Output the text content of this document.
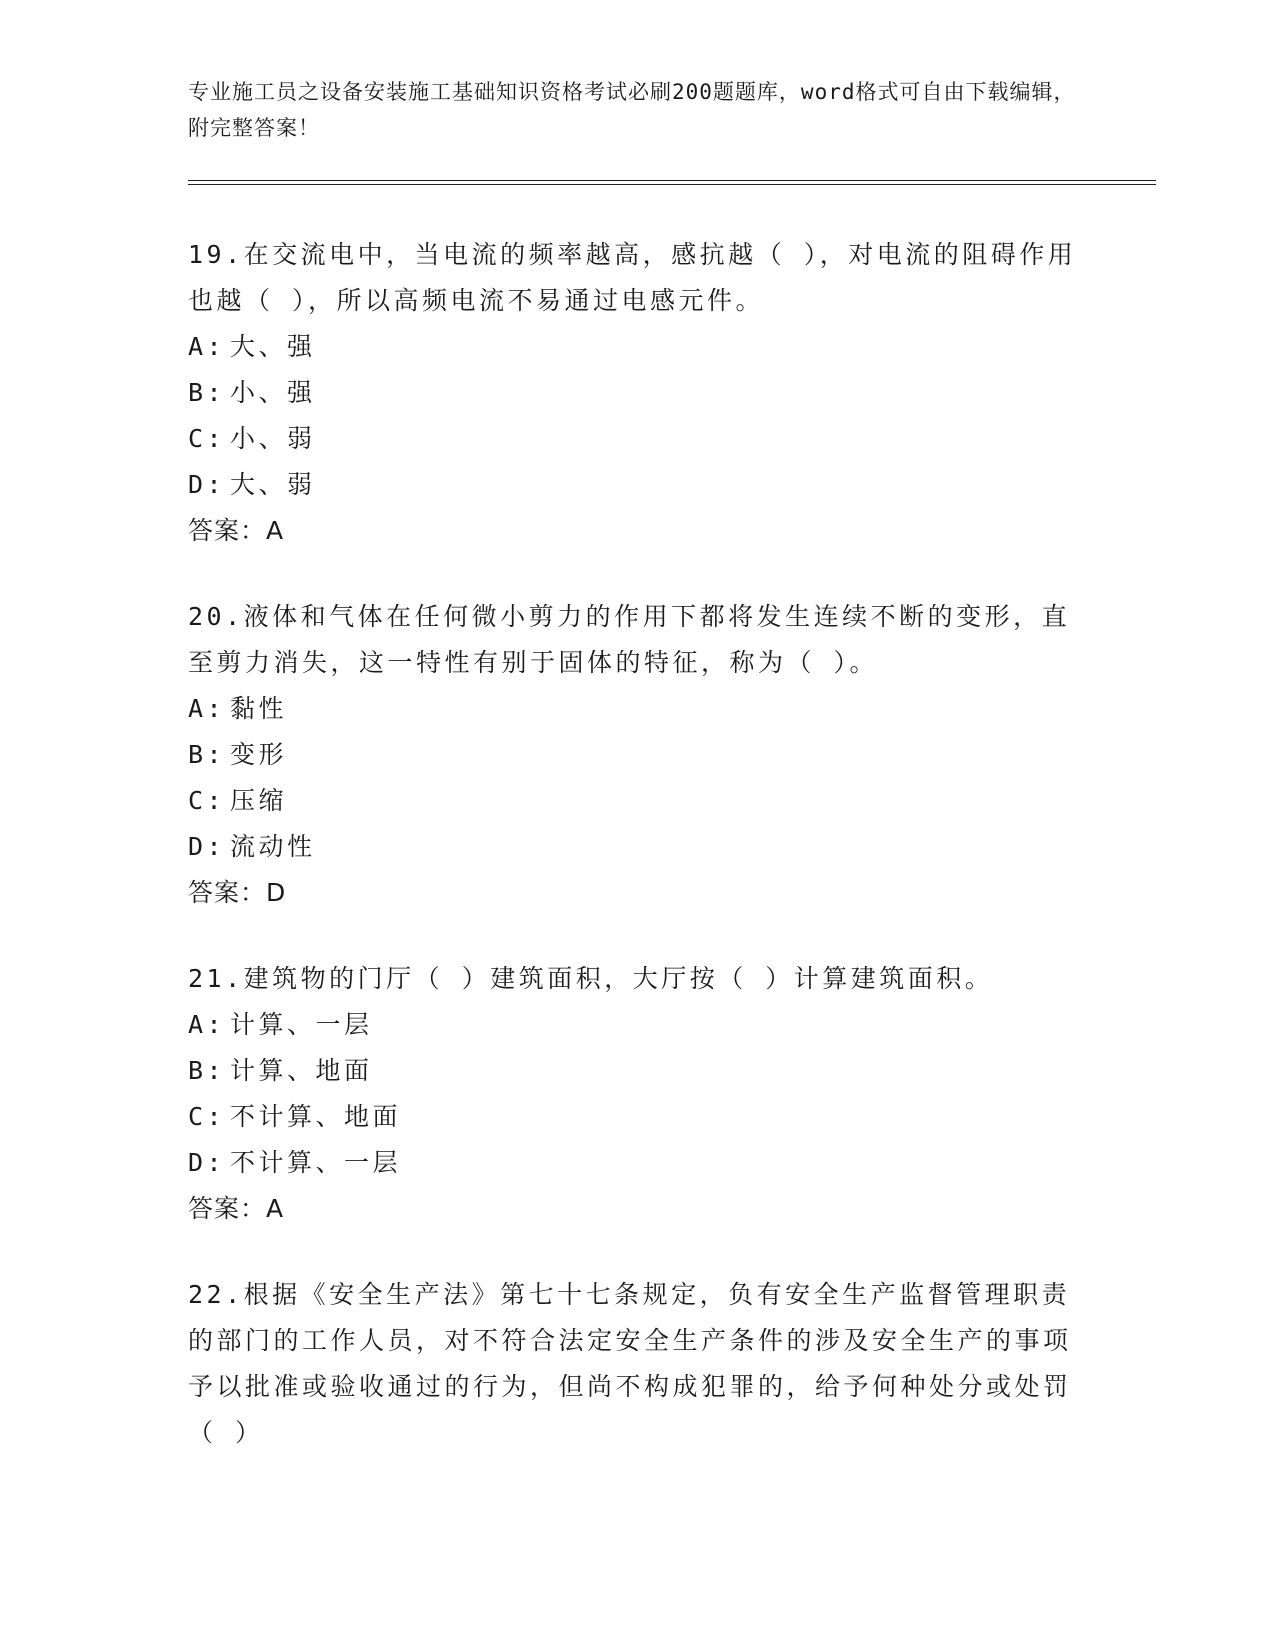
专业施工员之设备安装施工基础知识资格考试必刷200题题库，word格式可自由下载编辑，附完整答案！
19.在交流电中，当电流的频率越高，感抗越（ ），对电流的阻碍作用也越（ ），所以高频电流不易通过电感元件。
A: 大、强
B: 小、强
C: 小、弱
D: 大、弱
答案：A
20.液体和气体在任何微小剪力的作用下都将发生连续不断的变形，直至剪力消失，这一特性有别于固体的特征，称为（ ）。
A: 黏性
B: 变形
C: 压缩
D: 流动性
答案：D
21.建筑物的门厅（ ）建筑面积，大厅按（ ）计算建筑面积。
A: 计算、一层
B: 计算、地面
C: 不计算、地面
D: 不计算、一层
答案：A
22.根据《安全生产法》第七十七条规定，负有安全生产监督管理职责的部门的工作人员，对不符合法定安全生产条件的涉及安全生产的事项予以批准或验收通过的行为，但尚不构成犯罪的，给予何种处分或处罚（ ）
